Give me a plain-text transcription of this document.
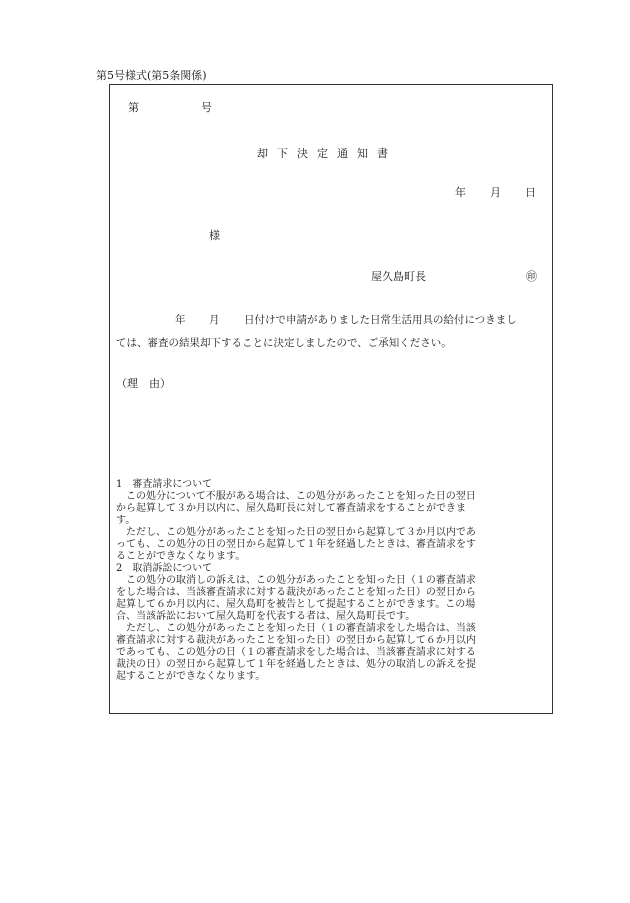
第5号様式(第5条関係)
第	号
却下決定通知書
年 月 日
様
屋久島町長	㊞
年 月 日付けで申請がありました日常生活用具の給付につきまし
ては、審査の結果却下することに決定しましたので、ご承知ください。
（理　由）

1　審査請求について

この処分について不服がある場合は、この処分があったことを知った日の翌日

から起算して３か月以内に、屋久島町長に対して審査請求をすることができま

す。

ただし、この処分があったことを知った日の翌日から起算して３か月以内であ

っても、この処分の日の翌日から起算して１年を経過したときは、審査請求をす

ることができなくなります。

2　取消訴訟について

この処分の取消しの訴えは、この処分があったことを知った日（１の審査請求

をした場合は、当該審査請求に対する裁決があったことを知った日）の翌日から

起算して６か月以内に、屋久島町を被告として提起することができます。この場

合、当該訴訟において屋久島町を代表する者は、屋久島町長です。

ただし、この処分があったことを知った日（１の審査請求をした場合は、当該

審査請求に対する裁決があったことを知った日）の翌日から起算して６か月以内

であっても、この処分の日（１の審査請求をした場合は、当該審査請求に対する

裁決の日）の翌日から起算して１年を経過したときは、処分の取消しの訴えを提

起することができなくなります。
